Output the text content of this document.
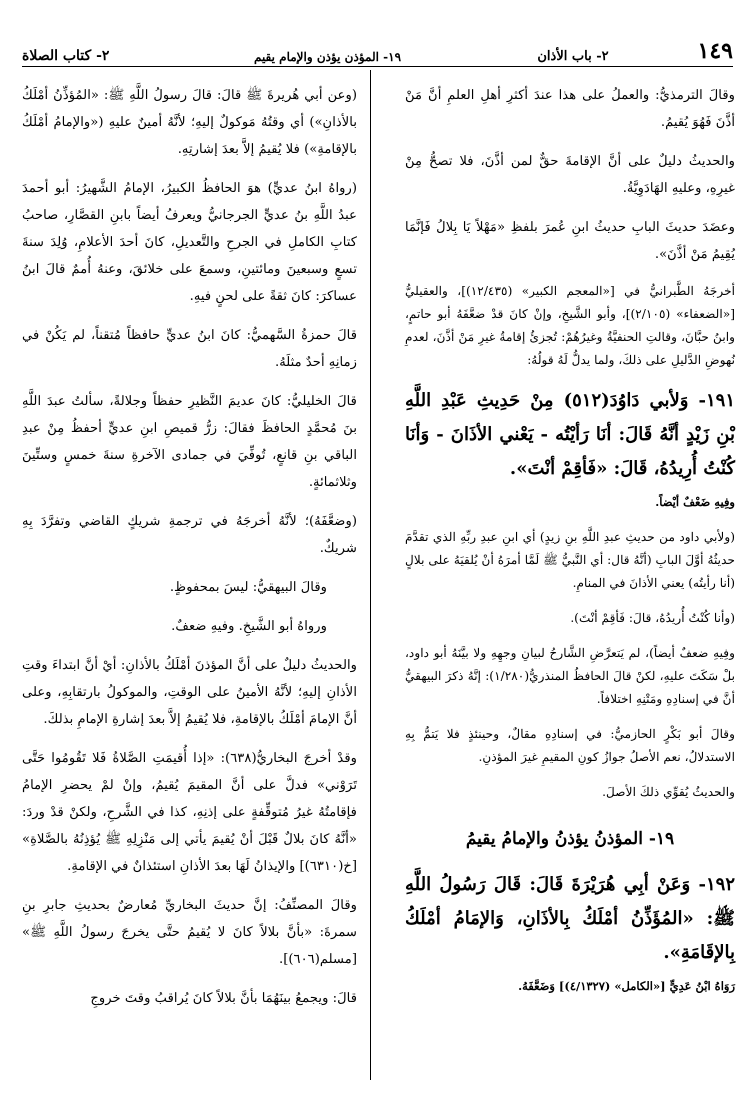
١٤٩
٢- باب الأذان
١٩- المؤذن يؤذن والإمام يقيم
٢- كتاب الصلاة

وقالَ الترمذيُّ: والعملُ على هذا عندَ أكثرِ أهلِ العلمِ أنَّ مَنْ أذَّنَ فَهُوَ يُقيمُ.

والحديثُ دليلٌ على أنَّ الإقامةَ حقٌّ لمن أذَّنَ، فلا تصحُّ مِنْ غيرِهِ، وعليهِ الهَادَوِيَّةُ.

وعضَدَ حديثَ البابِ حديثُ ابنِ عُمرَ بلفظِ «مَهْلاً يَا بِلالُ فَإنَّمَا يُقِيمُ مَنْ أذَّنَ».

أخرجَهُ الطَّبرانيُّ في [«المعجم الكبير» (١٢/٤٣٥)]، والعقيليُّ [«الضعفاء» (٢/١٠٥)]، وأبو الشَّيخِ، وإنْ كانَ قدْ ضعَّفَهُ أبو حاتمٍ، وابنُ حبَّانَ، وقالتِ الحنفيَّةُ وغيرُهُمْ: تُجزئُ إقامةُ غيرِ مَنْ أذَّنَ، لعدمِ نُهوضِ الدَّليلِ على ذلكَ، ولما يدلُّ لَهُ قولُهُ:

١٩١- وَلأبي دَاوُدَ(٥١٢) مِنْ حَدِيثِ عَبْدِ اللَّهِ بْنِ زَيْدٍ أنَّهُ قَالَ: أنَا رَأيْتُه - يَعْني الأذَانَ - وَأنَا كُنْتُ أُرِيدُهُ، قَالَ: «فَأقِمْ أنْتَ».

وفِيهِ ضَعْفٌ أيْضاً.

(ولأبي داود من حديثِ عبدِ اللَّهِ بنِ زيدٍ) أي ابنِ عبدِ ربِّهِ الذي تقدَّمَ حديثُهُ أوَّلَ البابِ (أنَّهُ قال: أي النَّبيُّ ﷺ لَمَّا أمرَهُ أنْ يُلقيَهُ على بلالٍ (أنا رأيتُه) يعني الأذانَ في المنامِ.

(وأنا كُنْتُ أُريدُهُ، قالَ: فَأقِمْ أنْتَ).

وفِيهِ ضعفٌ أيضاً)، لم يَتعرَّضِ الشَّارحُ لبيانِ وجهِهِ ولا بيَّنَهُ أبو داود، بلْ سَكَتَ عليهِ، لكنْ قالَ الحافظُ المنذريُّ(١/٢٨٠): إنَّهُ ذكرَ البيهقيُّ أنَّ في إسنادِهِ ومَتْنِهِ اختلافاً.

وقالَ أبو بَكْرٍ الحازميُّ: في إسنادِهِ مقالٌ، وحينئذٍ فلا يَتمُّ بِهِ الاستدلالُ، نعم الأصلُ جوازُ كونِ المقيمِ غيرَ المؤذنِ.

والحديثُ يُقوِّي ذلكَ الأصلَ.

١٩- المؤذنُ يؤذنُ والإمامُ يقيمُ

١٩٢- وَعَنْ أبِي هُرَيْرَةَ قَالَ: قَالَ رَسُولُ اللَّهِ ﷺ: «المُؤَذِّنُ أمْلَكُ بِالأذَانِ، وَالإمَامُ أمْلَكُ بِالإقَامَةِ».

رَوَاهُ ابْنُ عَدِيٍّ [«الكامل» (٤/١٣٢٧)] وَضَعَّفَهُ.

(وعن أبي هُريرةَ ﷺ قالَ: قالَ رسولُ اللَّهِ ﷺ: «المُؤذِّنُ أمْلَكُ بالأذانِ») أي وقتُهُ مَوكولٌ إليهِ؛ لأنَّهُ أمينٌ عليهِ («والإمامُ أمْلَكُ بالإقامةِ») فلا يُقيمُ إلاَّ بعدَ إشارتِهِ.

(رواهُ ابنُ عديٍّ) هوَ الحافظُ الكبيرُ، الإمامُ الشَّهيرُ: أبو أحمدَ عبدُ اللَّهِ بنُ عديٍّ الجرجانيُّ ويعرفُ أيضاً بابنِ القصَّارِ، صاحبُ كتابِ الكاملِ في الجرحِ والتَّعديلِ، كانَ أحدَ الأعلامِ، وُلِدَ سنةَ تسعٍ وسبعينَ ومائتينِ، وسمعَ على خلائقَ، وعنهُ أُممٌ قالَ ابنُ عساكرَ: كانَ ثقةً على لحنٍ فيهِ.

قالَ حمزةُ السَّهميُّ: كانَ ابنُ عديٍّ حافظاً مُتقناً، لم يَكُنْ في زمانِهِ أحدٌ مثلَهُ.

قالَ الخليليُّ: كانَ عديمَ النَّظيرِ حفظاً وجلالةً، سألتُ عبدَ اللَّهِ بنَ مُحمَّدٍ الحافظَ فقالَ: زرُّ قميصِ ابنِ عديٍّ أحفظُ مِنْ عبدِ الباقي بنِ قانعٍ، تُوفِّيَ في جمادى الآخرةِ سنةَ خمسٍ وستِّينَ وثلاثمائةٍ.

(وضعَّفَهُ)؛ لأنَّهُ أخرجَهُ في ترجمةِ شريكٍ القاضي وتفرَّدَ بِهِ شريكٌ.

وقالَ البيهقيُّ: ليسَ بمحفوظٍ.

ورواهُ أبو الشَّيخِ. وفيهِ ضعفٌ.

والحديثُ دليلٌ على أنَّ المؤذنَ أمْلَكُ بالأذانِ: أيْ أنَّ ابتداءَ وقتِ الأذانِ إليهِ؛ لأنَّهُ الأمينُ على الوقتِ، والموكولُ بارتقابِهِ، وعلى أنَّ الإمامَ أمْلَكُ بالإقامةِ، فلا يُقيمُ إلاَّ بعدَ إشارةِ الإمامِ بذلكَ.

وقدْ أخرجَ البخاريُّ(٦٣٨): «إذا أُقيمَتِ الصَّلاةُ فَلا تَقُومُوا حَتَّى تَرَوْني» فدلَّ على أنَّ المقيمَ يُقيمُ، وإنْ لمْ يحضرِ الإمامُ فإقامتُهُ غيرُ مُتوقِّفةٍ على إذنِهِ، كذا في الشَّرحِ، ولكنْ قدْ وردَ: «أنَّهُ كانَ بلالٌ قَبْلَ أنْ يُقيمَ يأتي إلى مَنْزِلِهِ ﷺ يُؤذِنُهُ بالصَّلاةِ» [خ(٦٣١٠)] والإيذانُ لَهَا بعدَ الأذانِ استئذانٌ في الإقامةِ.

وقالَ المصنِّفُ: إنَّ حديثَ البخاريِّ مُعارضٌ بحديثِ جابرِ بنِ سمرةَ: «بأنَّ بلالاً كانَ لا يُقيمُ حتَّى يخرجَ رسولُ اللَّهِ ﷺ» [مسلم(٦٠٦)].

قالَ: ويجمعُ بينَهُمَا بأنَّ بلالاً كانَ يُراقبُ وقتَ خروجِ
